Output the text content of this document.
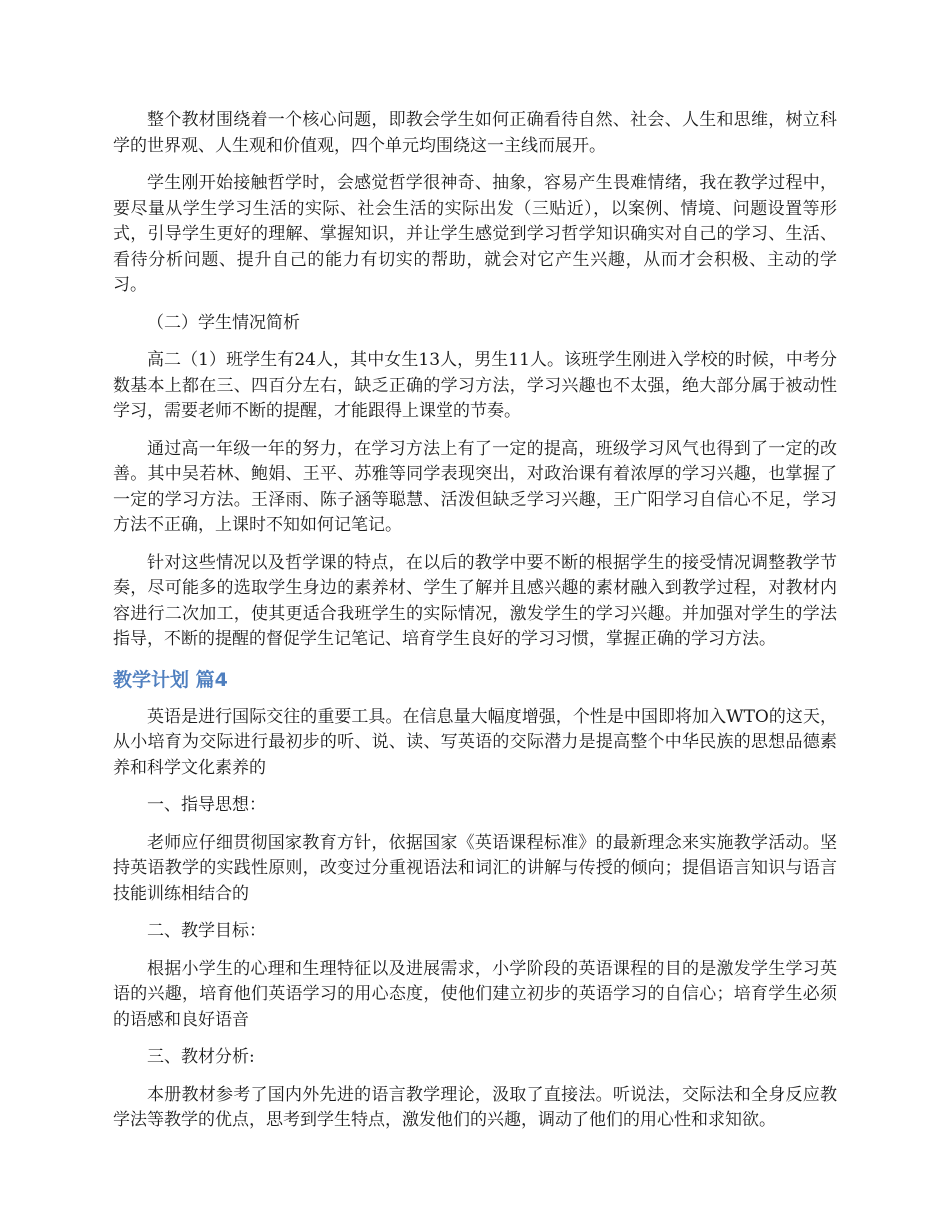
整个教材围绕着一个核心问题，即教会学生如何正确看待自然、社会、人生和思维，树立科学的世界观、人生观和价值观，四个单元均围绕这一主线而展开。

学生刚开始接触哲学时，会感觉哲学很神奇、抽象，容易产生畏难情绪，我在教学过程中，要尽量从学生学习生活的实际、社会生活的实际出发（三贴近），以案例、情境、问题设置等形式，引导学生更好的理解、掌握知识，并让学生感觉到学习哲学知识确实对自己的学习、生活、看待分析问题、提升自己的能力有切实的帮助，就会对它产生兴趣，从而才会积极、主动的学习。

（二）学生情况简析

高二（1）班学生有24人，其中女生13人，男生11人。该班学生刚进入学校的时候，中考分数基本上都在三、四百分左右，缺乏正确的学习方法，学习兴趣也不太强，绝大部分属于被动性学习，需要老师不断的提醒，才能跟得上课堂的节奏。

通过高一年级一年的努力，在学习方法上有了一定的提高，班级学习风气也得到了一定的改善。其中吴若林、鲍娟、王平、苏雅等同学表现突出，对政治课有着浓厚的学习兴趣，也掌握了一定的学习方法。王泽雨、陈子涵等聪慧、活泼但缺乏学习兴趣，王广阳学习自信心不足，学习方法不正确，上课时不知如何记笔记。

针对这些情况以及哲学课的特点，在以后的教学中要不断的根据学生的接受情况调整教学节奏，尽可能多的选取学生身边的素养材、学生了解并且感兴趣的素材融入到教学过程，对教材内容进行二次加工，使其更适合我班学生的实际情况，激发学生的学习兴趣。并加强对学生的学法指导，不断的提醒的督促学生记笔记、培育学生良好的学习习惯，掌握正确的学习方法。

教学计划 篇4

英语是进行国际交往的重要工具。在信息量大幅度增强，个性是中国即将加入WTO的这天，从小培育为交际进行最初步的听、说、读、写英语的交际潜力是提高整个中华民族的思想品德素养和科学文化素养的

一、指导思想：

老师应仔细贯彻国家教育方针，依据国家《英语课程标准》的最新理念来实施教学活动。坚持英语教学的实践性原则，改变过分重视语法和词汇的讲解与传授的倾向；提倡语言知识与语言技能训练相结合的

二、教学目标：

根据小学生的心理和生理特征以及进展需求，小学阶段的英语课程的目的是激发学生学习英语的兴趣，培育他们英语学习的用心态度，使他们建立初步的英语学习的自信心；培育学生必须的语感和良好语音

三、教材分析:

本册教材参考了国内外先进的语言教学理论，汲取了直接法。听说法，交际法和全身反应教学法等教学的优点，思考到学生特点，激发他们的兴趣，调动了他们的用心性和求知欲。
